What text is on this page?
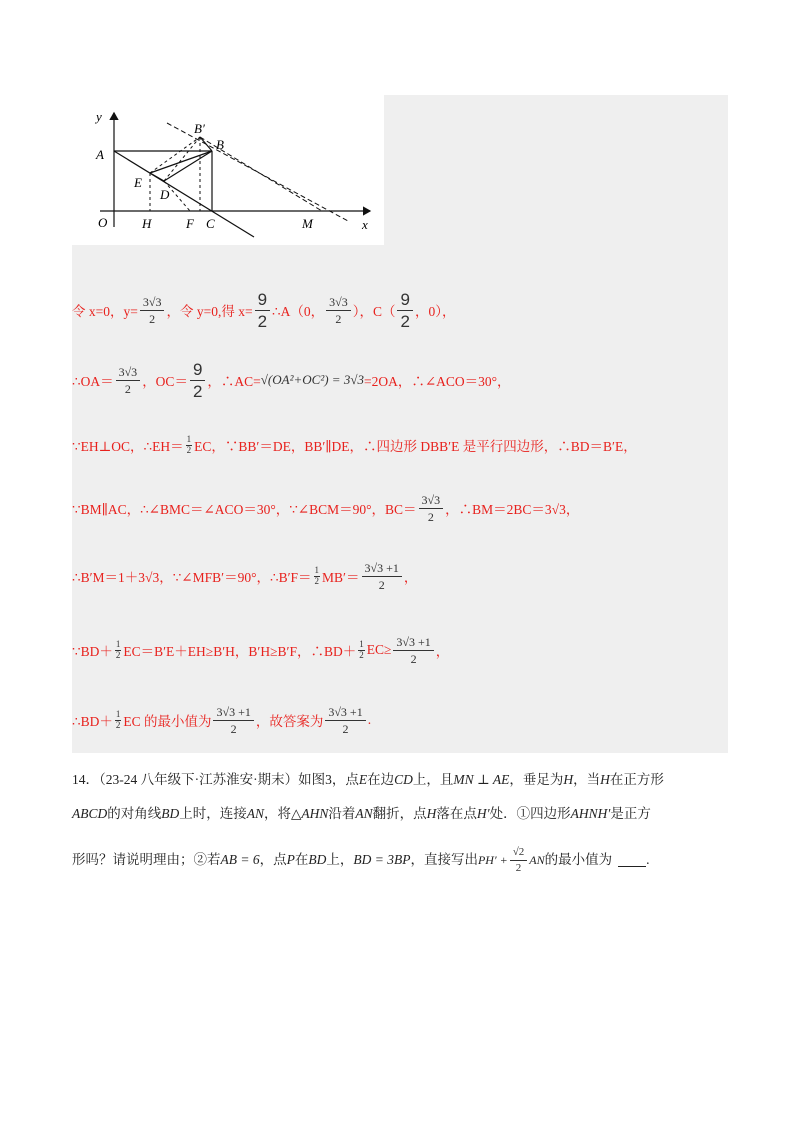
y
x
O
A
B′
B
E
D
H	F C	M
令 x=0，$y= \frac{3√3}{2}$ ，令 y=0,得 $x= \frac{9}{2}$ ∴A（0， $\frac{3√3}{2}$ ），$C( \frac{9}{2}$ ，0），
∴OA＝ $\frac{3√3}{2}$ ，$OC= \frac{9}{2}$ ，∴AC= √(OA²+OC²) = 3√3 =2OA，∴∠ACO＝30°，
∵EH⊥OC，∴EH＝ $\frac{1}{2}$ EC，∵BB′＝DE，BB′∥DE，∴四边形 DBB′E 是平行四边形，∴BD＝B′E，
∵BM∥AC，∴∠BMC＝∠ACO＝30°，∵∠BCM＝90°，$BC= \frac{3√3}{2}$ ，∴BM＝2BC＝3√3，
∴B′M＝1＋3√3，∵∠MFB′＝90°，∴B′F＝ $\frac{1}{2} MB'= \frac{3√3 +1}{2}$ ，
∵BD＋ $\frac{1}{2} EC=B'E+EH\ge B'H$，B′H≥B′F，∴BD＋ $\frac{1}{2} EC\ge \frac{3√3 +1}{2}$ ，
∴BD＋ $\frac{1}{2}$ EC 的最小值为 $\frac{3√3 +1}{2}$ ，故答案为 $\frac{3√3 +1}{2}$ .
14．（23-24 八年级下·江苏淮安·期末）如图3，点E在边CD上，且MN ⊥ AE，垂足为H，当H在正方形
ABCD的对角线BD上时，连接AN，将△AHN沿着AN翻折，点H落在点H′处．①四边形AHNH′是正方
形吗？请说明理由；②若 AB = 6 ，点 P 在 BD 上， BD = 3BP ，直接写出 $PH' + \frac{√2}{2}$ AN 的最小值为	.
